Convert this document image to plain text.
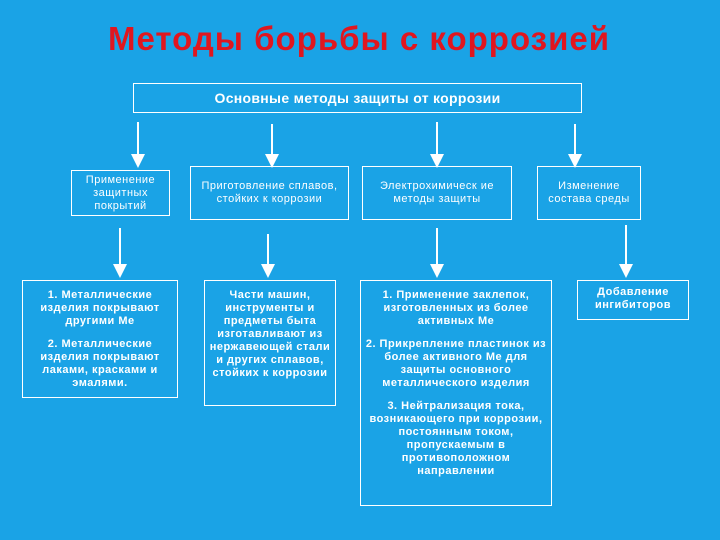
Методы борьбы с коррозией
Основные методы защиты от коррозии
Применение защитных покрытий
Приготовление сплавов, стойких к коррозии
Электрохимическ ие методы защиты
Изменение состава среды

1. Металлические изделия покрывают другими Ме

2. Металлические изделия покрывают лаками, красками и эмалями.

Части машин, инструменты и предметы быта изготавливают из нержавеющей стали и других сплавов, стойких к коррозии

1. Применение заклепок, изготовленных из более активных Ме

2. Прикрепление пластинок из более активного Ме для защиты основного металлического изделия

3. Нейтрализация тока, возникающего при коррозии, постоянным током, пропускаемым в противоположном направлении

Добавление ингибиторов
